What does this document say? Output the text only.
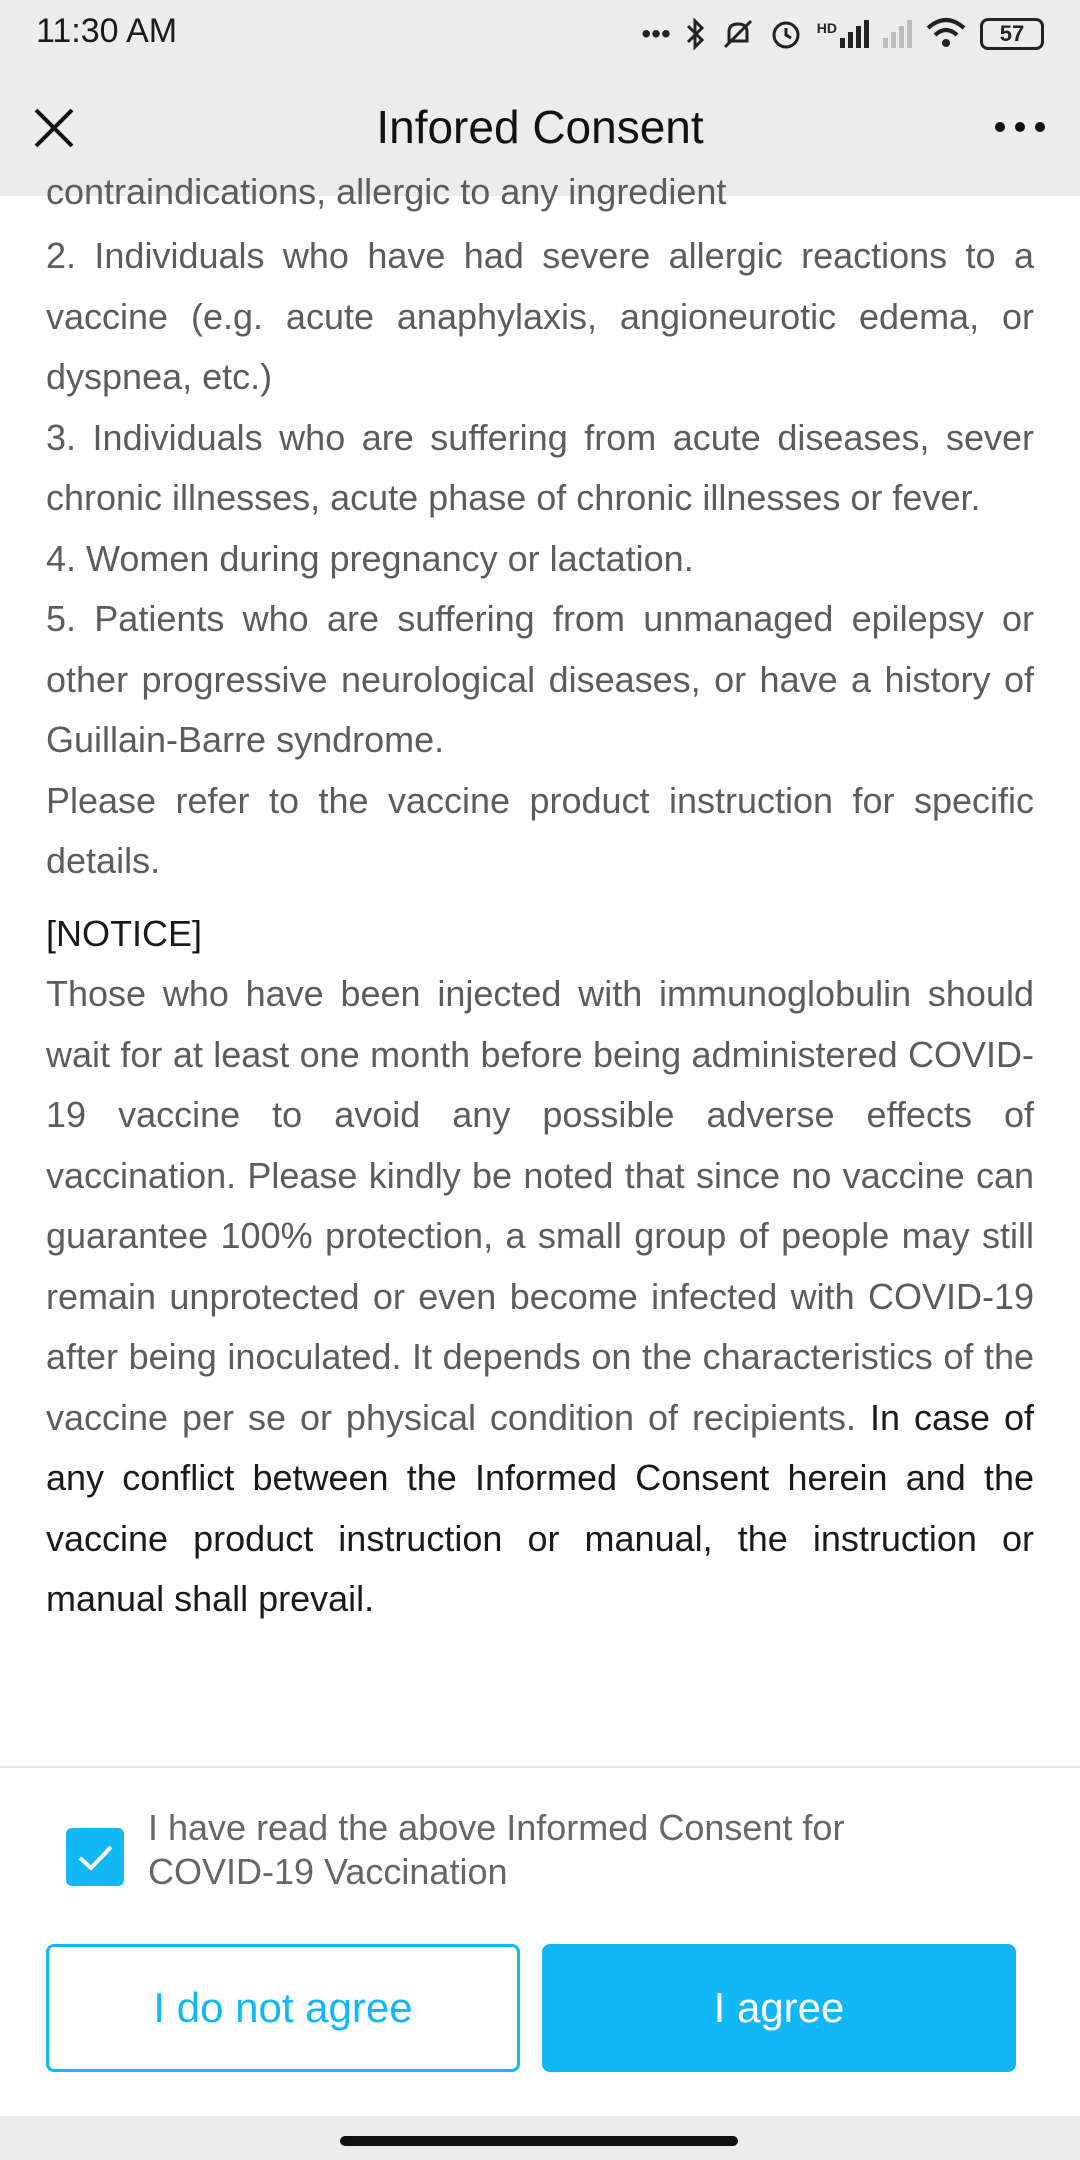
11:30 AM	•••	HD	57
Infored Consent
contraindications, allergic to any ingredient

2. Individuals who have had severe allergic reactions to a vaccine (e.g. acute anaphylaxis, angioneurotic edema, or dyspnea, etc.)

3. Individuals who are suffering from acute diseases, sever chronic illnesses, acute phase of chronic illnesses or fever.

4. Women during pregnancy or lactation.

5. Patients who are suffering from unmanaged epilepsy or other progressive neurological diseases, or have a history of Guillain-Barre syndrome.

Please refer to the vaccine product instruction for specific details.

[NOTICE]

Those who have been injected with immunoglobulin should wait for at least one month before being administered COVID-19 vaccine to avoid any possible adverse effects of vaccination. Please kindly be noted that since no vaccine can guarantee 100% protection, a small group of people may still remain unprotected or even become infected with COVID-19 after being inoculated. It depends on the characteristics of the vaccine per se or physical condition of recipients. In case of any conflict between the Informed Consent herein and the vaccine product instruction or manual, the instruction or manual shall prevail.

I have read the above Informed Consent for COVID-19 Vaccination
I do not agree	I agree
